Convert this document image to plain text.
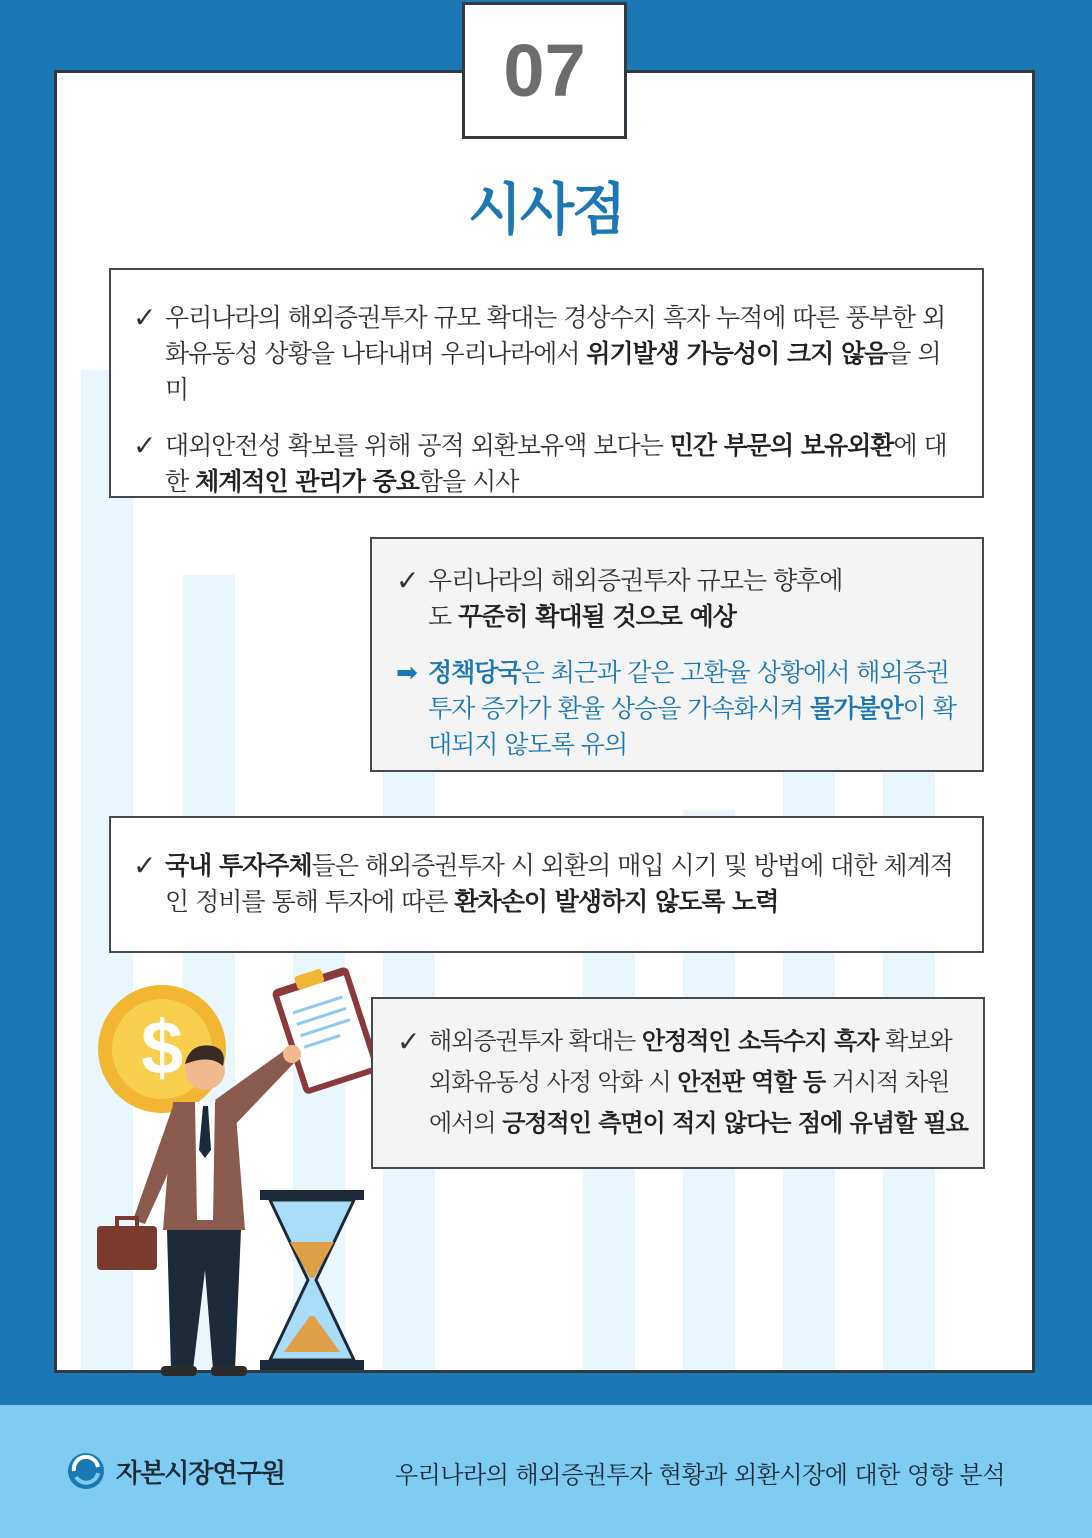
07
시사점
✓ 우리나라의 해외증권투자 규모 확대는 경상수지 흑자 누적에 따른 풍부한 외화유동성 상황을 나타내며 우리나라에서 위기발생 가능성이 크지 않음을 의미
✓ 대외안전성 확보를 위해 공적 외환보유액 보다는 민간 부문의 보유외환에 대한 체계적인 관리가 중요함을 시사
✓ 우리나라의 해외증권투자 규모는 향후에도 꾸준히 확대될 것으로 예상
➡ 정책당국은 최근과 같은 고환율 상황에서 해외증권투자 증가가 환율 상승을 가속화시켜 물가불안이 확대되지 않도록 유의
✓ 국내 투자주체들은 해외증권투자 시 외환의 매입 시기 및 방법에 대한 체계적인 정비를 통해 투자에 따른 환차손이 발생하지 않도록 노력
✓ 해외증권투자 확대는 안정적인 소득수지 흑자 확보와 외화유동성 사정 악화 시 안전판 역할 등 거시적 차원에서의 긍정적인 측면이 적지 않다는 점에 유념할 필요
$
자본시장연구원	우리나라의 해외증권투자 현황과 외환시장에 대한 영향 분석
